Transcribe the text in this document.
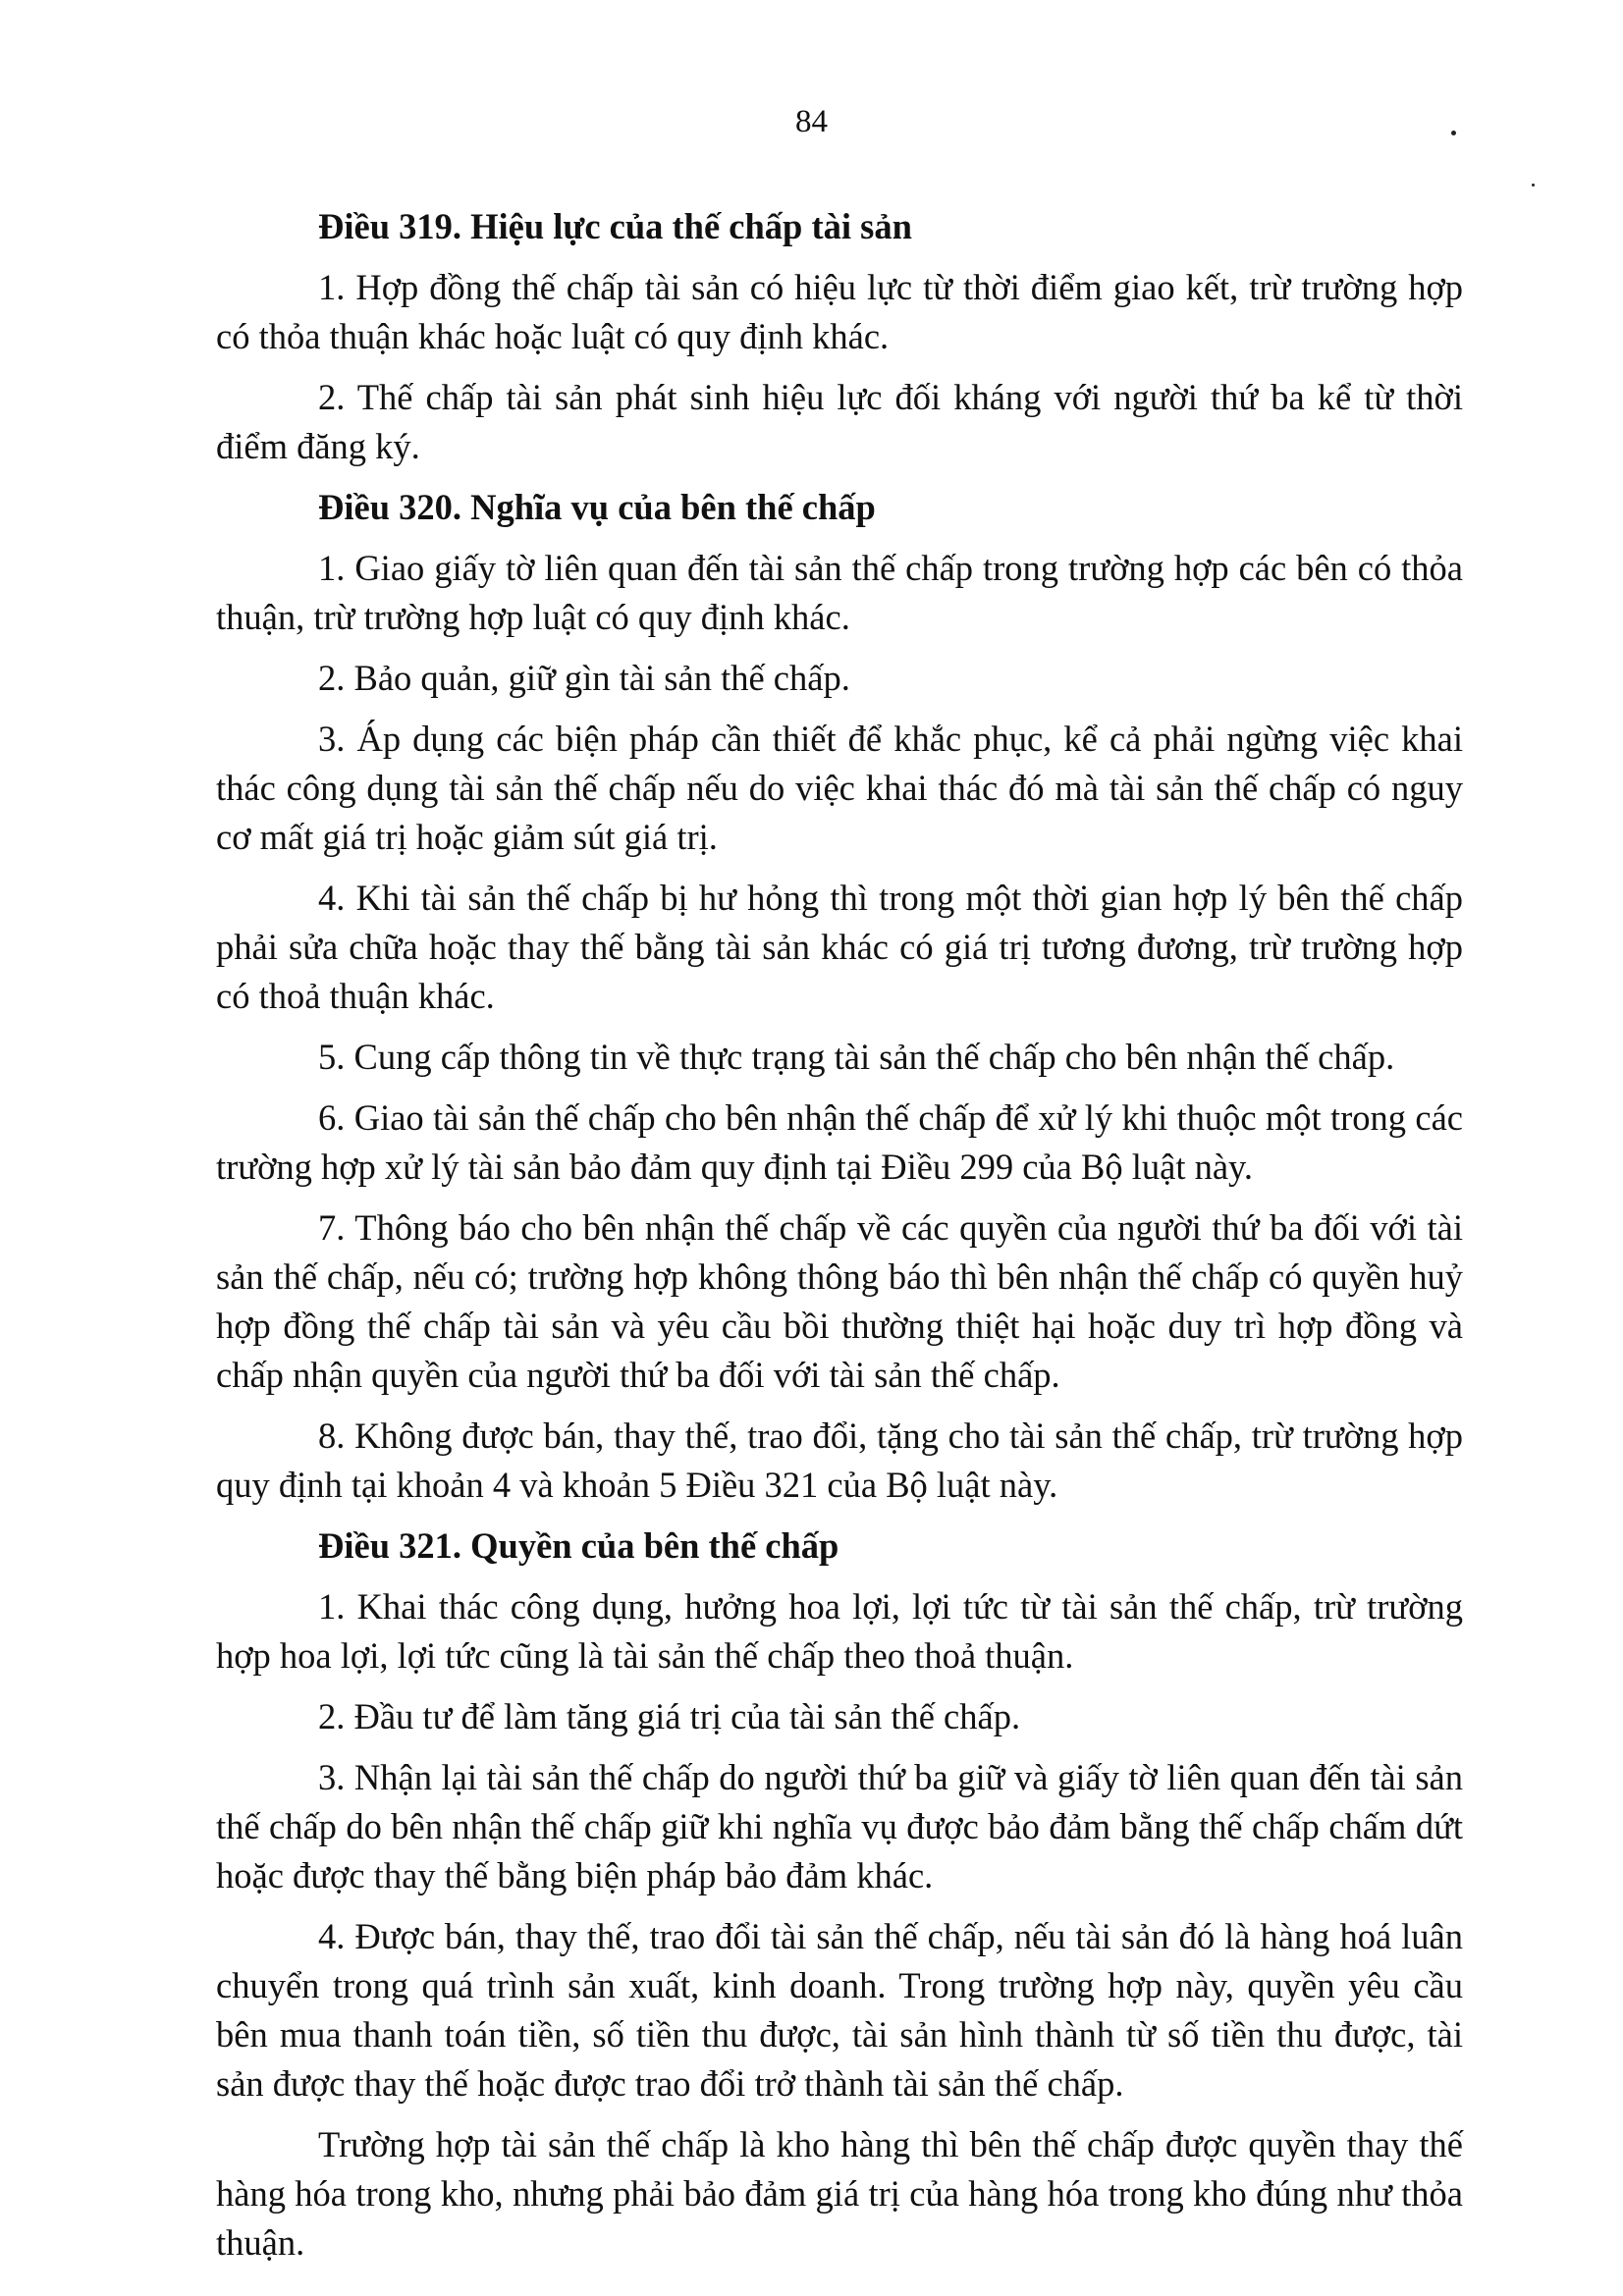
84

Điều 319. Hiệu lực của thế chấp tài sản

1. Hợp đồng thế chấp tài sản có hiệu lực từ thời điểm giao kết, trừ trường hợp có thỏa thuận khác hoặc luật có quy định khác.

2. Thế chấp tài sản phát sinh hiệu lực đối kháng với người thứ ba kể từ thời điểm đăng ký.

Điều 320. Nghĩa vụ của bên thế chấp

1. Giao giấy tờ liên quan đến tài sản thế chấp trong trường hợp các bên có thỏa thuận, trừ trường hợp luật có quy định khác.

2. Bảo quản, giữ gìn tài sản thế chấp.

3. Áp dụng các biện pháp cần thiết để khắc phục, kể cả phải ngừng việc khai thác công dụng tài sản thế chấp nếu do việc khai thác đó mà tài sản thế chấp có nguy cơ mất giá trị hoặc giảm sút giá trị.

4. Khi tài sản thế chấp bị hư hỏng thì trong một thời gian hợp lý bên thế chấp phải sửa chữa hoặc thay thế bằng tài sản khác có giá trị tương đương, trừ trường hợp có thoả thuận khác.

5. Cung cấp thông tin về thực trạng tài sản thế chấp cho bên nhận thế chấp.

6. Giao tài sản thế chấp cho bên nhận thế chấp để xử lý khi thuộc một trong các trường hợp xử lý tài sản bảo đảm quy định tại Điều 299 của Bộ luật này.

7. Thông báo cho bên nhận thế chấp về các quyền của người thứ ba đối với tài sản thế chấp, nếu có; trường hợp không thông báo thì bên nhận thế chấp có quyền huỷ hợp đồng thế chấp tài sản và yêu cầu bồi thường thiệt hại hoặc duy trì hợp đồng và chấp nhận quyền của người thứ ba đối với tài sản thế chấp.

8. Không được bán, thay thế, trao đổi, tặng cho tài sản thế chấp, trừ trường hợp quy định tại khoản 4 và khoản 5 Điều 321 của Bộ luật này.

Điều 321. Quyền của bên thế chấp

1. Khai thác công dụng, hưởng hoa lợi, lợi tức từ tài sản thế chấp, trừ trường hợp hoa lợi, lợi tức cũng là tài sản thế chấp theo thoả thuận.

2. Đầu tư để làm tăng giá trị của tài sản thế chấp.

3. Nhận lại tài sản thế chấp do người thứ ba giữ và giấy tờ liên quan đến tài sản thế chấp do bên nhận thế chấp giữ khi nghĩa vụ được bảo đảm bằng thế chấp chấm dứt hoặc được thay thế bằng biện pháp bảo đảm khác.

4. Được bán, thay thế, trao đổi tài sản thế chấp, nếu tài sản đó là hàng hoá luân chuyển trong quá trình sản xuất, kinh doanh. Trong trường hợp này, quyền yêu cầu bên mua thanh toán tiền, số tiền thu được, tài sản hình thành từ số tiền thu được, tài sản được thay thế hoặc được trao đổi trở thành tài sản thế chấp.

Trường hợp tài sản thế chấp là kho hàng thì bên thế chấp được quyền thay thế hàng hóa trong kho, nhưng phải bảo đảm giá trị của hàng hóa trong kho đúng như thỏa thuận.
